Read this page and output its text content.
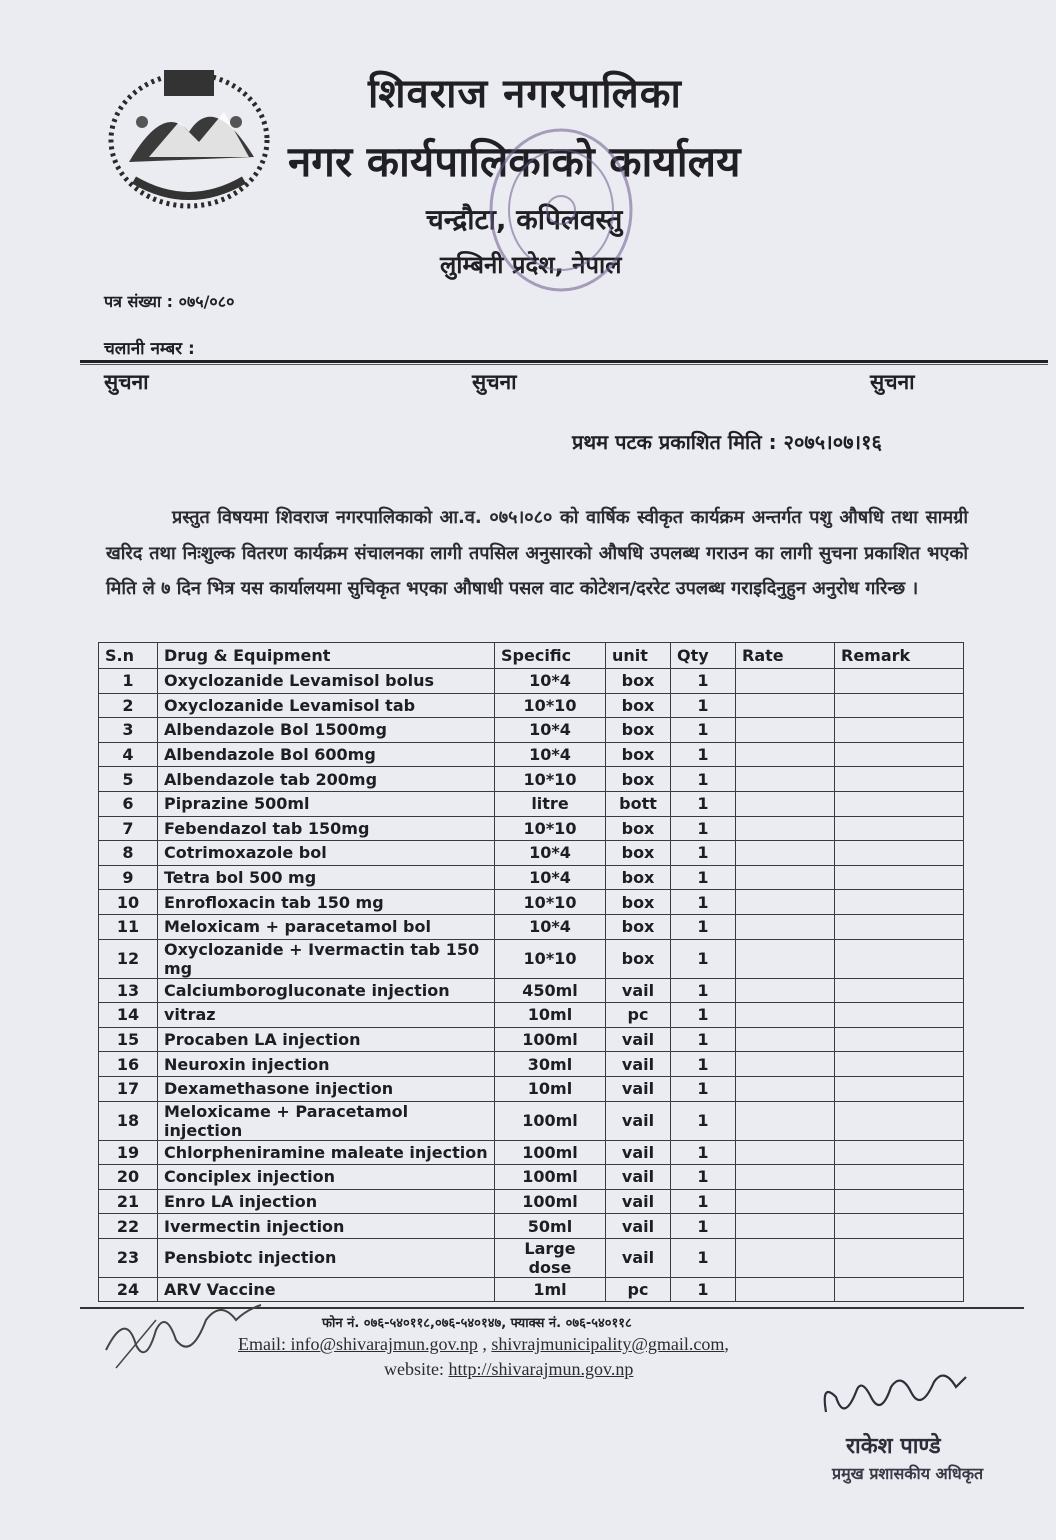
शिवराज नगरपालिका
नगर कार्यपालिकाको कार्यालय
चन्द्रौटा, कपिलवस्तु
लुम्बिनी प्रदेश, नेपाल
पत्र संख्या : ०७५/०८०
चलानी नम्बर :
सुचना	सुचना	सुचना
प्रथम पटक प्रकाशित मिति : २०७५।०७।१६

प्रस्तुत विषयमा शिवराज नगरपालिकाको आ.व. ०७५।०८० को वार्षिक स्वीकृत कार्यक्रम अन्तर्गत पशु औषधि तथा सामग्री खरिद तथा निःशुल्क वितरण कार्यक्रम संचालनका लागी तपसिल अनुसारको औषधि उपलब्ध गराउन का लागी सुचना प्रकाशित भएको मिति ले ७ दिन भित्र यस कार्यालयमा सुचिकृत भएका औषाधी पसल वाट कोटेशन/दररेट उपलब्ध गराइदिनुहुन अनुरोध गरिन्छ ।

S.n	Drug & Equipment	Specific	unit	Qty	Rate	Remark
1	Oxyclozanide Levamisol bolus	10*4	box	1		
2	Oxyclozanide Levamisol tab	10*10	box	1		
3	Albendazole Bol 1500mg	10*4	box	1		
4	Albendazole Bol 600mg	10*4	box	1		
5	Albendazole tab 200mg	10*10	box	1		
6	Piprazine 500ml	litre	bott	1		
7	Febendazol tab 150mg	10*10	box	1		
8	Cotrimoxazole bol	10*4	box	1		
9	Tetra bol 500 mg	10*4	box	1		
10	Enrofloxacin tab 150 mg	10*10	box	1		
11	Meloxicam + paracetamol bol	10*4	box	1		
12	Oxyclozanide + Ivermactin tab 150 mg	10*10	box	1		
13	Calciumborogluconate injection	450ml	vail	1		
14	vitraz	10ml	pc	1		
15	Procaben LA injection	100ml	vail	1		
16	Neuroxin injection	30ml	vail	1		
17	Dexamethasone injection	10ml	vail	1		
18	Meloxicame + Paracetamol injection	100ml	vail	1		
19	Chlorpheniramine maleate injection	100ml	vail	1		
20	Conciplex injection	100ml	vail	1		
21	Enro LA injection	100ml	vail	1		
22	Ivermectin injection	50ml	vail	1		
23	Pensbiotc injection	Large dose	vail	1		
24	ARV Vaccine	1ml	pc	1		
फोन नं. ०७६-५४०११८,०७६-५४०१४७, फ्याक्स नं. ०७६-५४०११८
Email: info@shivarajmun.gov.np , shivrajmunicipality@gmail.com,
website: http://shivarajmun.gov.np
राकेश पाण्डे
प्रमुख प्रशासकीय अधिकृत
